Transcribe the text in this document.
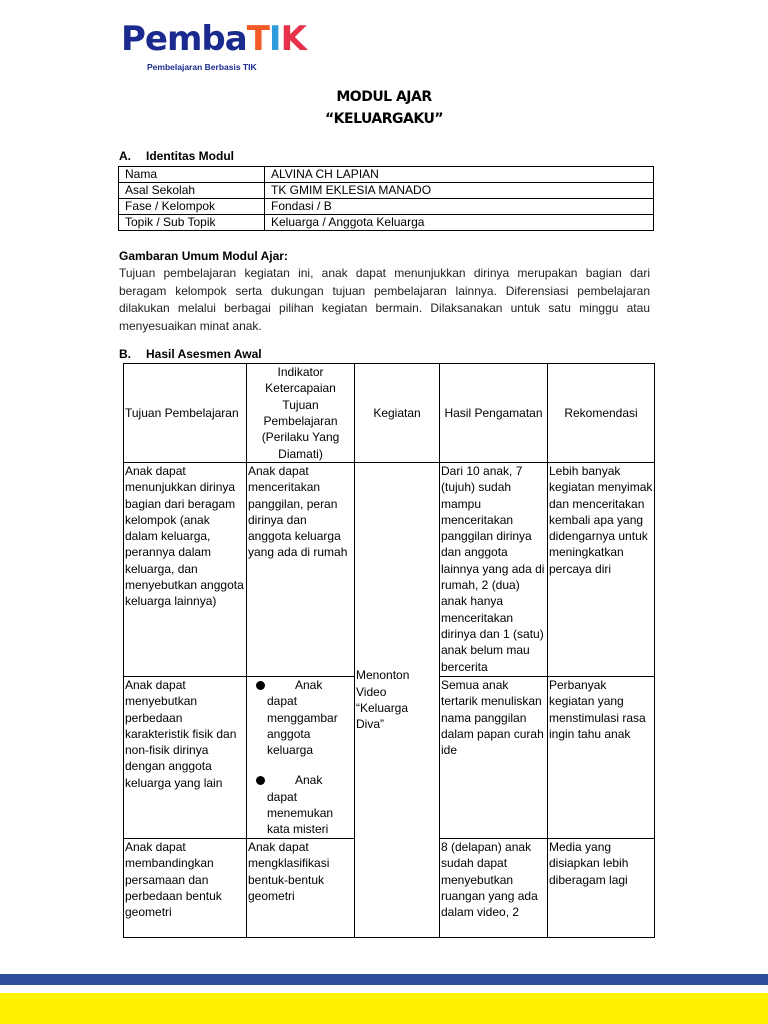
PembaTIK
Pembelajaran Berbasis TIK
MODUL AJAR
“KELUARGAKU”
A. Identitas Modul
Nama	ALVINA CH LAPIAN
Asal Sekolah	TK GMIM EKLESIA MANADO
Fase / Kelompok	Fondasi / B
Topik / Sub Topik	Keluarga / Anggota Keluarga
Gambaran Umum Modul Ajar:
Tujuan pembelajaran kegiatan ini, anak dapat menunjukkan dirinya merupakan bagian dari beragam kelompok serta dukungan tujuan pembelajaran lainnya. Diferensiasi pembelajaran dilakukan melalui berbagai pilihan kegiatan bermain. Dilaksanakan untuk satu minggu atau menyesuaikan minat anak.
B. Hasil Asesmen Awal
Tujuan Pembelajaran	Indikator Ketercapaian Tujuan Pembelajaran (Perilaku Yang Diamati)	Kegiatan	Hasil Pengamatan	Rekomendasi
Anak dapat menunjukkan dirinya bagian dari beragam kelompok (anak dalam keluarga, perannya dalam keluarga, dan menyebutkan anggota keluarga lainnya)	Anak dapat menceritakan panggilan, peran dirinya dan anggota keluarga yang ada di rumah	Menonton Video “Keluarga Diva”	Dari 10 anak, 7 (tujuh) sudah mampu menceritakan panggilan dirinya dan anggota lainnya yang ada di rumah, 2 (dua) anak hanya menceritakan dirinya dan 1 (satu) anak belum mau bercerita	Lebih banyak kegiatan menyimak dan menceritakan kembali apa yang didengarnya untuk meningkatkan percaya diri
Anak dapat menyebutkan perbedaan karakteristik fisik dan non-fisik dirinya dengan anggota keluarga yang lain	Anak
dapat menggambar anggota keluarga
Anak
dapat menemukan kata misteri		Semua anak tertarik menuliskan nama panggilan dalam papan curah ide	Perbanyak kegiatan yang menstimulasi rasa ingin tahu anak
Anak dapat membandingkan persamaan dan perbedaan bentuk geometri	Anak dapat mengklasifikasi bentuk-bentuk geometri		8 (delapan) anak sudah dapat menyebutkan ruangan yang ada dalam video, 2	Media yang disiapkan lebih diberagam lagi
